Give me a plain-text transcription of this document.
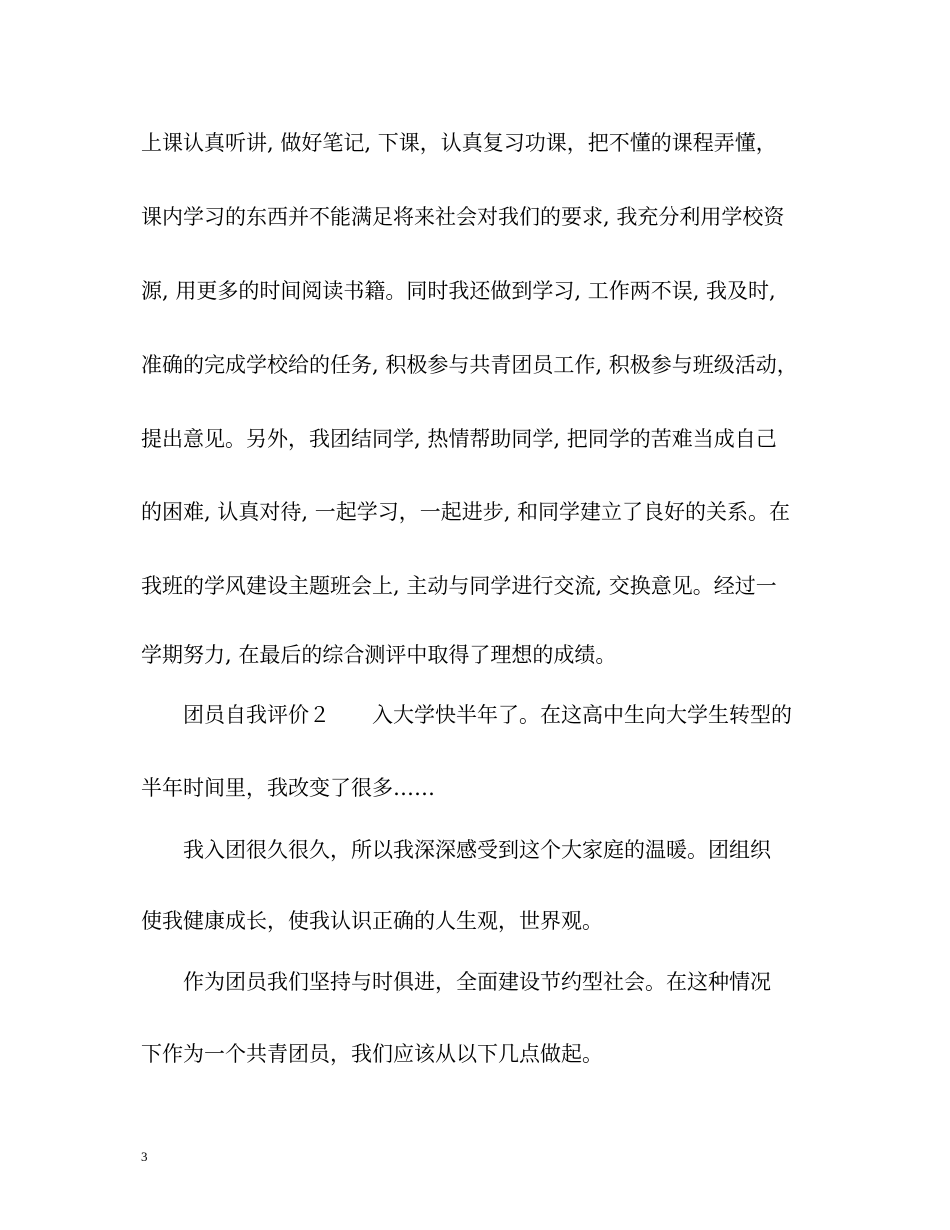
上课认真听讲, 做好笔记, 下课，认真复习功课，把不懂的课程弄懂，
课内学习的东西并不能满足将来社会对我们的要求, 我充分利用学校资
源, 用更多的时间阅读书籍。同时我还做到学习, 工作两不误, 我及时,
准确的完成学校给的任务, 积极参与共青团员工作, 积极参与班级活动，
提出意见。另外，我团结同学, 热情帮助同学, 把同学的苦难当成自己
的困难, 认真对待, 一起学习，一起进步, 和同学建立了良好的关系。在
我班的学风建设主题班会上, 主动与同学进行交流, 交换意见。经过一
学期努力, 在最后的综合测评中取得了理想的成绩。
团员自我评价２　　入大学快半年了。在这高中生向大学生转型的
半年时间里，我改变了很多……
我入团很久很久，所以我深深感受到这个大家庭的温暖。团组织
使我健康成长，使我认识正确的人生观，世界观。
作为团员我们坚持与时俱进，全面建设节约型社会。在这种情况
下作为一个共青团员，我们应该从以下几点做起。
3
